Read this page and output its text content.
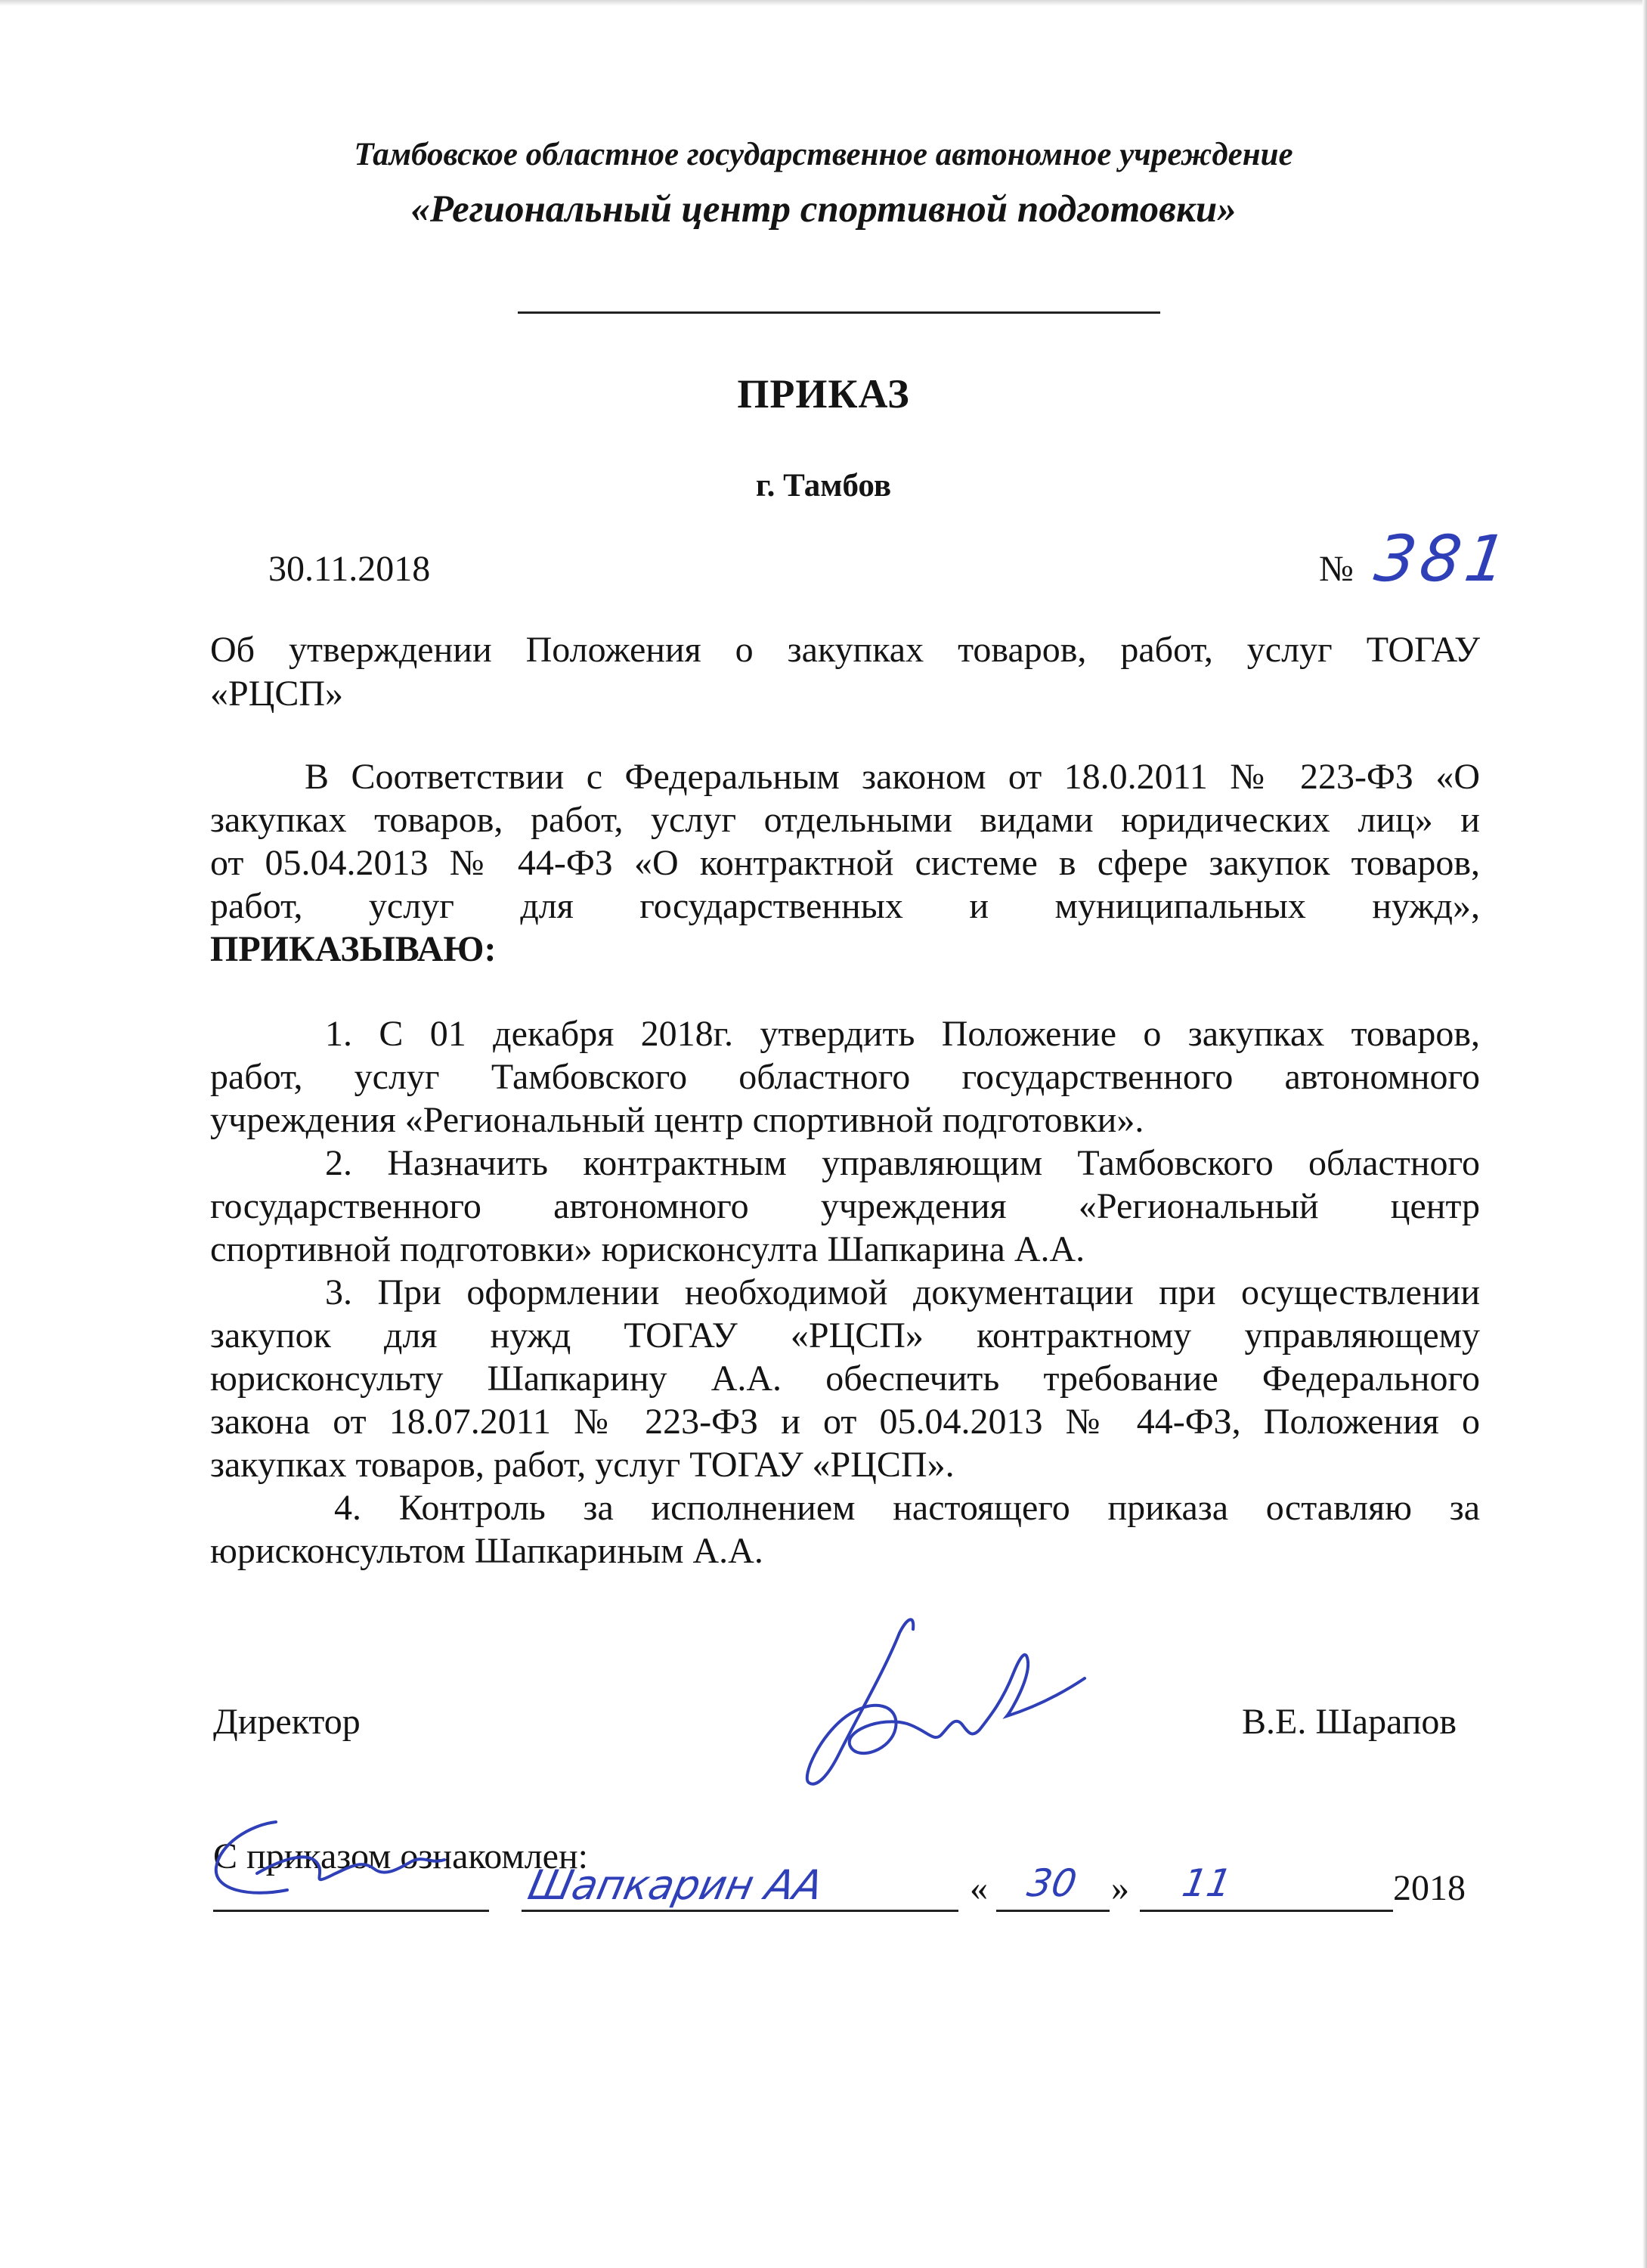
Тамбовское областное государственное автономное учреждение
«Региональный центр спортивной подготовки»
ПРИКАЗ
г. Тамбов
30.11.2018	№ 381
Об утверждении Положения о закупках товаров, работ, услуг ТОГАУ
«РЦСП»
В Соответствии с Федеральным законом от 18.0.2011 № 223-ФЗ «О
закупках товаров, работ, услуг отдельными видами юридических лиц» и
от 05.04.2013 № 44-ФЗ «О контрактной системе в сфере закупок товаров,
работ, услуг для государственных и муниципальных нужд»,
ПРИКАЗЫВАЮ:
1. С 01 декабря 2018г. утвердить Положение о закупках товаров,
работ, услуг Тамбовского областного государственного автономного
учреждения «Региональный центр спортивной подготовки».
2. Назначить контрактным управляющим Тамбовского областного
государственного автономного учреждения «Региональный центр
спортивной подготовки» юрисконсулта Шапкарина А.А.
3. При оформлении необходимой документации при осуществлении
закупок для нужд ТОГАУ «РЦСП» контрактному управляющему
юрисконсульту Шапкарину А.А. обеспечить требование Федерального
закона от 18.07.2011 № 223-ФЗ и от 05.04.2013 № 44-ФЗ, Положения о
закупках товаров, работ, услуг ТОГАУ «РЦСП».
4. Контроль за исполнением настоящего приказа оставляю за
юрисконсультом Шапкариным А.А.
Директор	В.Е. Шарапов
С приказом ознакомлен:
Шапкарин АА	« 30 » 11	2018
